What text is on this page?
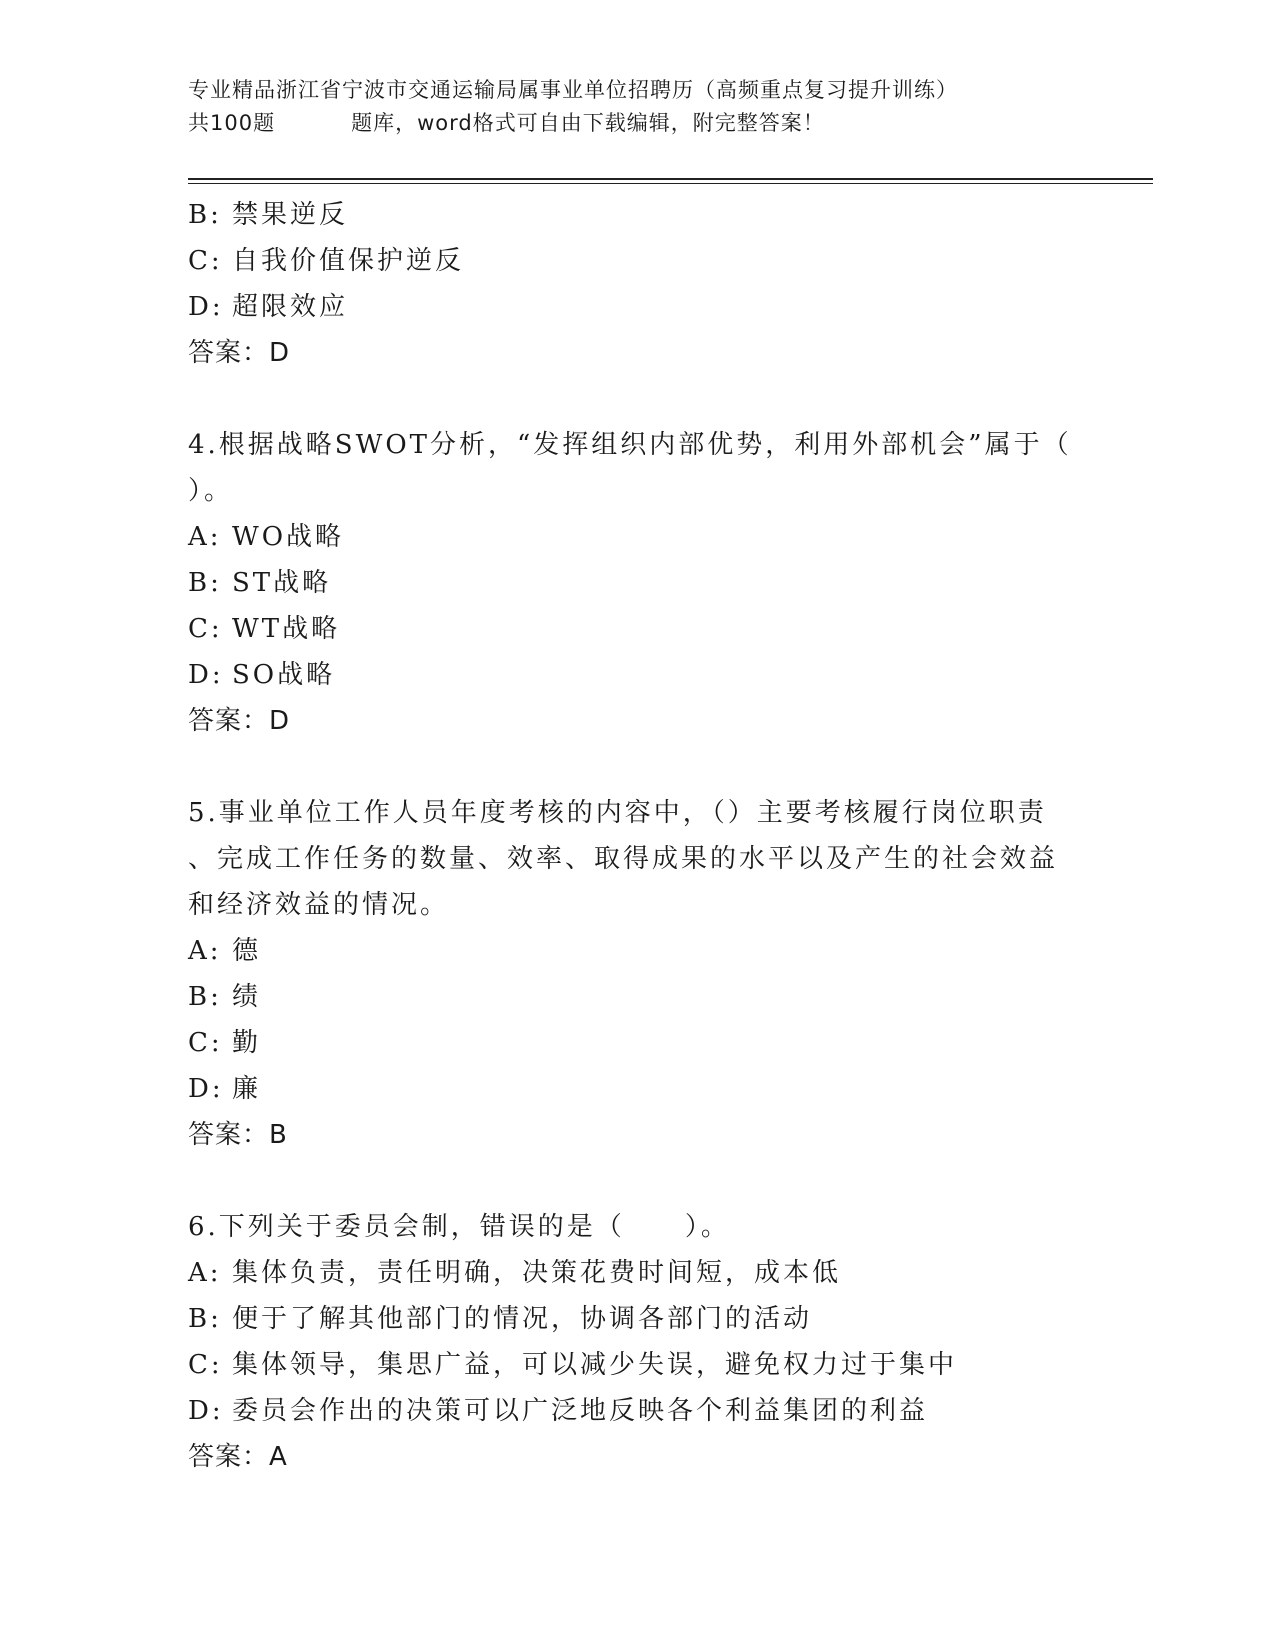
专业精品浙江省宁波市交通运输局属事业单位招聘历（高频重点复习提升训练）
共100题	题库，word格式可自由下载编辑，附完整答案！
B: 禁果逆反
C: 自我价值保护逆反
D: 超限效应
答案：D
4.根据战略SWOT分析，“发挥组织内部优势，利用外部机会”属于（
）。
A: WO战略
B: ST战略
C: WT战略
D: SO战略
答案：D
5.事业单位工作人员年度考核的内容中，（）主要考核履行岗位职责
、完成工作任务的数量、效率、取得成果的水平以及产生的社会效益
和经济效益的情况。
A: 德
B: 绩
C: 勤
D: 廉
答案：B
6.下列关于委员会制，错误的是（ ）。
A: 集体负责，责任明确，决策花费时间短，成本低
B: 便于了解其他部门的情况，协调各部门的活动
C: 集体领导，集思广益，可以减少失误，避免权力过于集中
D: 委员会作出的决策可以广泛地反映各个利益集团的利益
答案：A
